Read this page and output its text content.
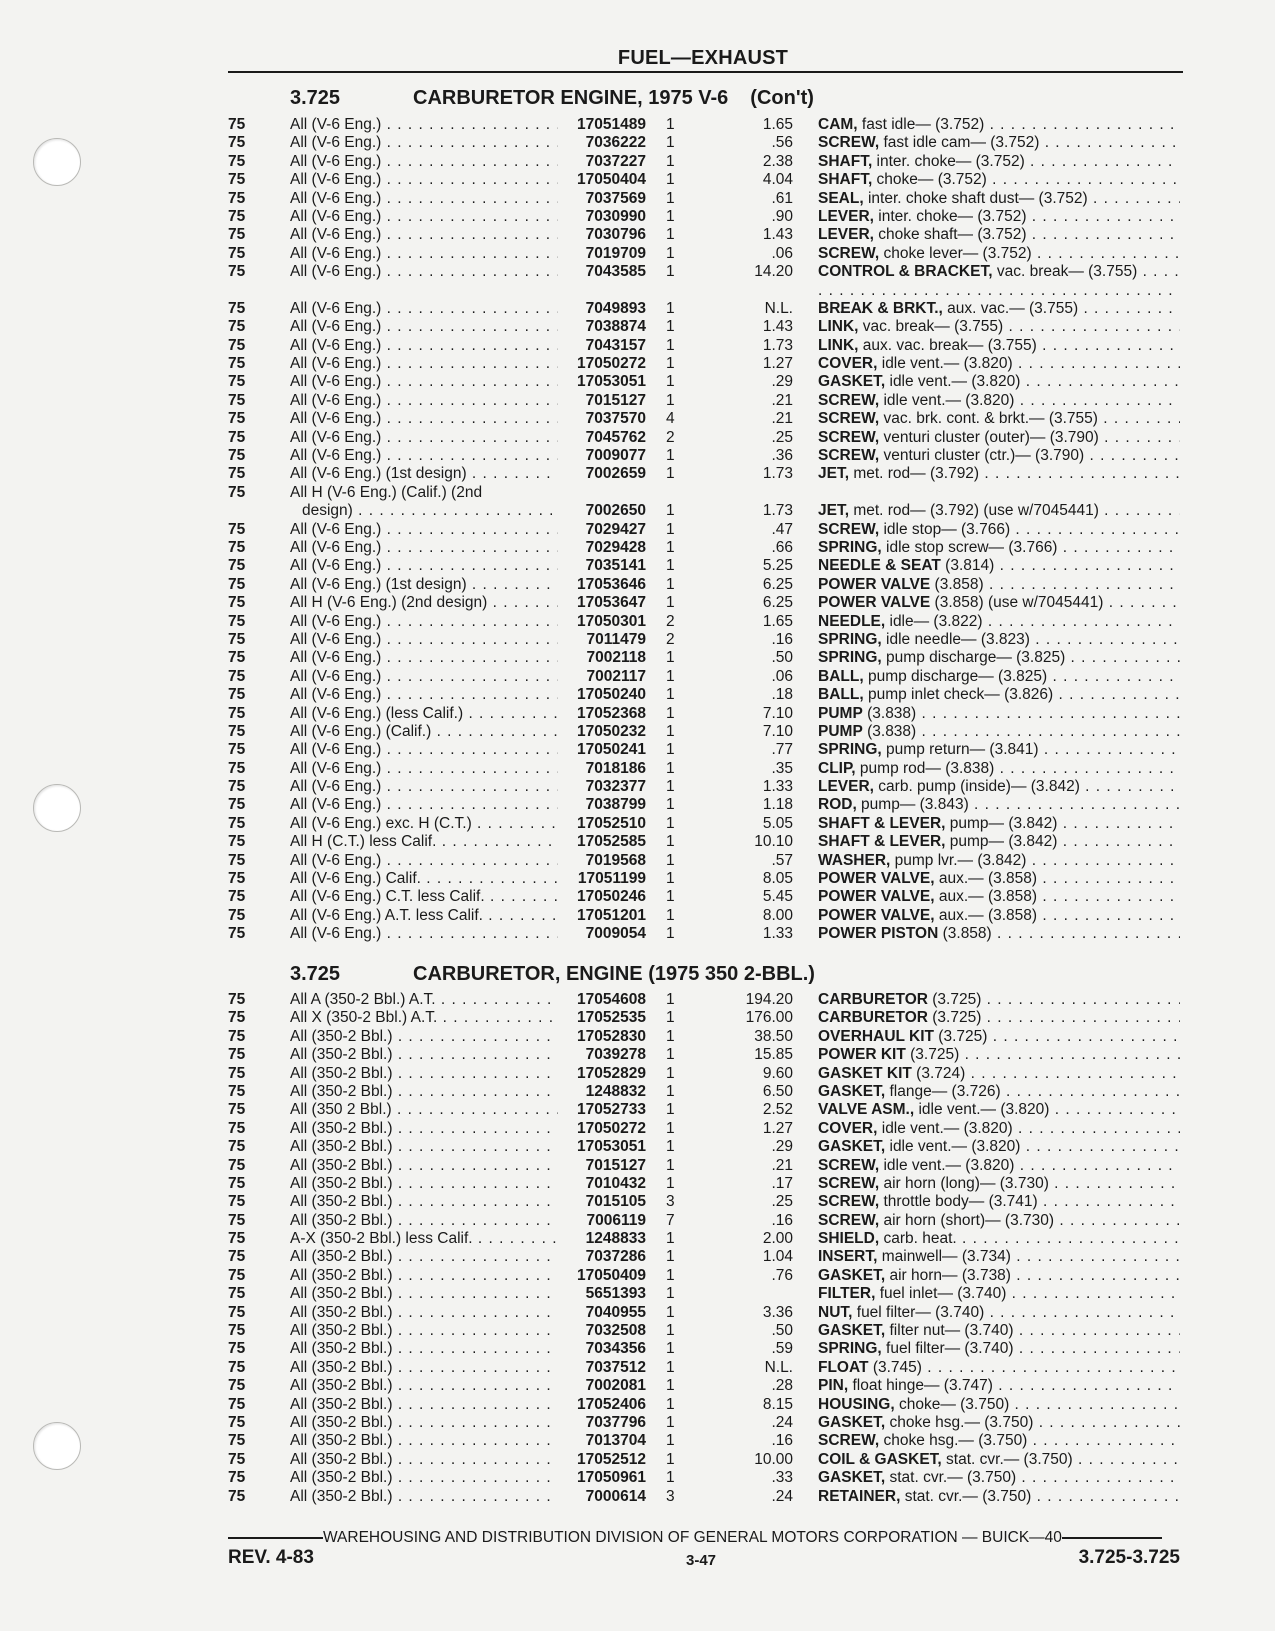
FUEL—EXHAUST
3.725	CARBURETOR ENGINE, 1975 V-6 (Con't)
75	All (V-6 Eng.) . . .	17051489 1	1.65 CAM, fast idle— (3.752) . . .
75	All (V-6 Eng.) . . .	7036222 1	.56 SCREW, fast idle cam— (3.752) . . .
75	All (V-6 Eng.) . . .	7037227 1	2.38 SHAFT, inter. choke— (3.752) . . .
75	All (V-6 Eng.) . . .	17050404 1	4.04 SHAFT, choke— (3.752) . . .
75	All (V-6 Eng.) . . .	7037569 1	.61 SEAL, inter. choke shaft dust— (3.752) . . .
75	All (V-6 Eng.) . . .	7030990 1	.90 LEVER, inter. choke— (3.752) . . .
75	All (V-6 Eng.) . . .	7030796 1	1.43 LEVER, choke shaft— (3.752) . . .
75	All (V-6 Eng.) . . .	7019709 1	.06 SCREW, choke lever— (3.752) . . .
75	All (V-6 Eng.) . . .	7043585 1	14.20 CONTROL & BRACKET, vac. break— (3.755) . . .
75	All (V-6 Eng.) . . .	7049893 1	N.L. BREAK & BRKT., aux. vac.— (3.755) . . .
75	All (V-6 Eng.) . . .	7038874 1	1.43 LINK, vac. break— (3.755) . . .
75	All (V-6 Eng.) . . .	7043157 1	1.73 LINK, aux. vac. break— (3.755) . . .
75	All (V-6 Eng.) . . .	17050272 1	1.27 COVER, idle vent.— (3.820) . . .
75	All (V-6 Eng.) . . .	17053051 1	.29 GASKET, idle vent.— (3.820) . . .
75	All (V-6 Eng.) . . .	7015127 1	.21 SCREW, idle vent.— (3.820) . . .
75	All (V-6 Eng.) . . .	7037570 4	.21 SCREW, vac. brk. cont. & brkt.— (3.755) . . .
75	All (V-6 Eng.) . . .	7045762 2	.25 SCREW, venturi cluster (outer)— (3.790) . . .
75	All (V-6 Eng.) . . .	7009077 1	.36 SCREW, venturi cluster (ctr.)— (3.790) . . .
75	All (V-6 Eng.) (1st design) . . .	7002659 1	1.73 JET, met. rod— (3.792) . . .
75	All H (V-6 Eng.) (Calif.) (2nd
design) . . .	7002650 1	1.73 JET, met. rod— (3.792) (use w/7045441) . . .
75	All (V-6 Eng.) . . .	7029427 1	.47 SCREW, idle stop— (3.766) . . .
75	All (V-6 Eng.) . . .	7029428 1	.66 SPRING, idle stop screw— (3.766) . . .
75	All (V-6 Eng.) . . .	7035141 1	5.25 NEEDLE & SEAT (3.814) . . .
75	All (V-6 Eng.) (1st design) . . .	17053646 1	6.25 POWER VALVE (3.858) . . .
75	All H (V-6 Eng.) (2nd design) . . .	17053647 1	6.25 POWER VALVE (3.858) (use w/7045441) . . .
75	All (V-6 Eng.) . . .	17050301 2	1.65 NEEDLE, idle— (3.822) . . .
75	All (V-6 Eng.) . . .	7011479 2	.16 SPRING, idle needle— (3.823) . . .
75	All (V-6 Eng.) . . .	7002118 1	.50 SPRING, pump discharge— (3.825) . . .
75	All (V-6 Eng.) . . .	7002117 1	.06 BALL, pump discharge— (3.825) . . .
75	All (V-6 Eng.) . . .	17050240 1	.18 BALL, pump inlet check— (3.826) . . .
75	All (V-6 Eng.) (less Calif.) . . .	17052368 1	7.10 PUMP (3.838) . . .
75	All (V-6 Eng.) (Calif.) . . .	17050232 1	7.10 PUMP (3.838) . . .
75	All (V-6 Eng.) . . .	17050241 1	.77 SPRING, pump return— (3.841) . . .
75	All (V-6 Eng.) . . .	7018186 1	.35 CLIP, pump rod— (3.838) . . .
75	All (V-6 Eng.) . . .	7032377 1	1.33 LEVER, carb. pump (inside)— (3.842) . . .
75	All (V-6 Eng.) . . .	7038799 1	1.18 ROD, pump— (3.843) . . .
75	All (V-6 Eng.) exc. H (C.T.) . . .	17052510 1	5.05 SHAFT & LEVER, pump— (3.842) . . .
75	All H (C.T.) less Calif. . . .	17052585 1	10.10 SHAFT & LEVER, pump— (3.842) . . .
75	All (V-6 Eng.) . . .	7019568 1	.57 WASHER, pump lvr.— (3.842) . . .
75	All (V-6 Eng.) Calif. . . .	17051199 1	8.05 POWER VALVE, aux.— (3.858) . . .
75	All (V-6 Eng.) C.T. less Calif. . . .	17050246 1	5.45 POWER VALVE, aux.— (3.858) . . .
75	All (V-6 Eng.) A.T. less Calif. . . .	17051201 1	8.00 POWER VALVE, aux.— (3.858) . . .
75	All (V-6 Eng.) . . .	7009054 1	1.33 POWER PISTON (3.858) . . .
3.725	CARBURETOR, ENGINE (1975 350 2-BBL.)
75	All A (350-2 Bbl.) A.T. . . .	17054608 1	194.20 CARBURETOR (3.725) . . .
75	All X (350-2 Bbl.) A.T. . . .	17052535 1	176.00 CARBURETOR (3.725) . . .
75	All (350-2 Bbl.) . . .	17052830 1	38.50 OVERHAUL KIT (3.725) . . .
75	All (350-2 Bbl.) . . .	7039278 1	15.85 POWER KIT (3.725) . . .
75	All (350-2 Bbl.) . . .	17052829 1	9.60 GASKET KIT (3.724) . . .
75	All (350-2 Bbl.) . . .	1248832 1	6.50 GASKET, flange— (3.726) . . .
75	All (350 2 Bbl.) . . .	17052733 1	2.52 VALVE ASM., idle vent.— (3.820) . . .
75	All (350-2 Bbl.) . . .	17050272 1	1.27 COVER, idle vent.— (3.820) . . .
75	All (350-2 Bbl.) . . .	17053051 1	.29 GASKET, idle vent.— (3.820) . . .
75	All (350-2 Bbl.) . . .	7015127 1	.21 SCREW, idle vent.— (3.820) . . .
75	All (350-2 Bbl.) . . .	7010432 1	.17 SCREW, air horn (long)— (3.730) . . .
75	All (350-2 Bbl.) . . .	7015105 3	.25 SCREW, throttle body— (3.741) . . .
75	All (350-2 Bbl.) . . .	7006119 7	.16 SCREW, air horn (short)— (3.730) . . .
75	A-X (350-2 Bbl.) less Calif. . . .	1248833 1	2.00 SHIELD, carb. heat. . . .
75	All (350-2 Bbl.) . . .	7037286 1	1.04 INSERT, mainwell— (3.734) . . .
75	All (350-2 Bbl.) . . .	17050409 1	.76 GASKET, air horn— (3.738) . . .
75	All (350-2 Bbl.) . . .	5651393 1	FILTER, fuel inlet— (3.740) . . .
75	All (350-2 Bbl.) . . .	7040955 1	3.36 NUT, fuel filter— (3.740) . . .
75	All (350-2 Bbl.) . . .	7032508 1	.50 GASKET, filter nut— (3.740) . . .
75	All (350-2 Bbl.) . . .	7034356 1	.59 SPRING, fuel filter— (3.740) . . .
75	All (350-2 Bbl.) . . .	7037512 1	N.L. FLOAT (3.745) . . .
75	All (350-2 Bbl.) . . .	7002081 1	.28 PIN, float hinge— (3.747) . . .
75	All (350-2 Bbl.) . . .	17052406 1	8.15 HOUSING, choke— (3.750) . . .
75	All (350-2 Bbl.) . . .	7037796 1	.24 GASKET, choke hsg.— (3.750) . . .
75	All (350-2 Bbl.) . . .	7013704 1	.16 SCREW, choke hsg.— (3.750) . . .
75	All (350-2 Bbl.) . . .	17052512 1	10.00 COIL & GASKET, stat. cvr.— (3.750) . . .
75	All (350-2 Bbl.) . . .	17050961 1	.33 GASKET, stat. cvr.— (3.750) . . .
75	All (350-2 Bbl.) . . .	7000614 3	.24 RETAINER, stat. cvr.— (3.750) . . .
WAREHOUSING AND DISTRIBUTION DIVISION OF GENERAL MOTORS CORPORATION — BUICK—40
REV. 4-83	3-47	3.725-3.725
